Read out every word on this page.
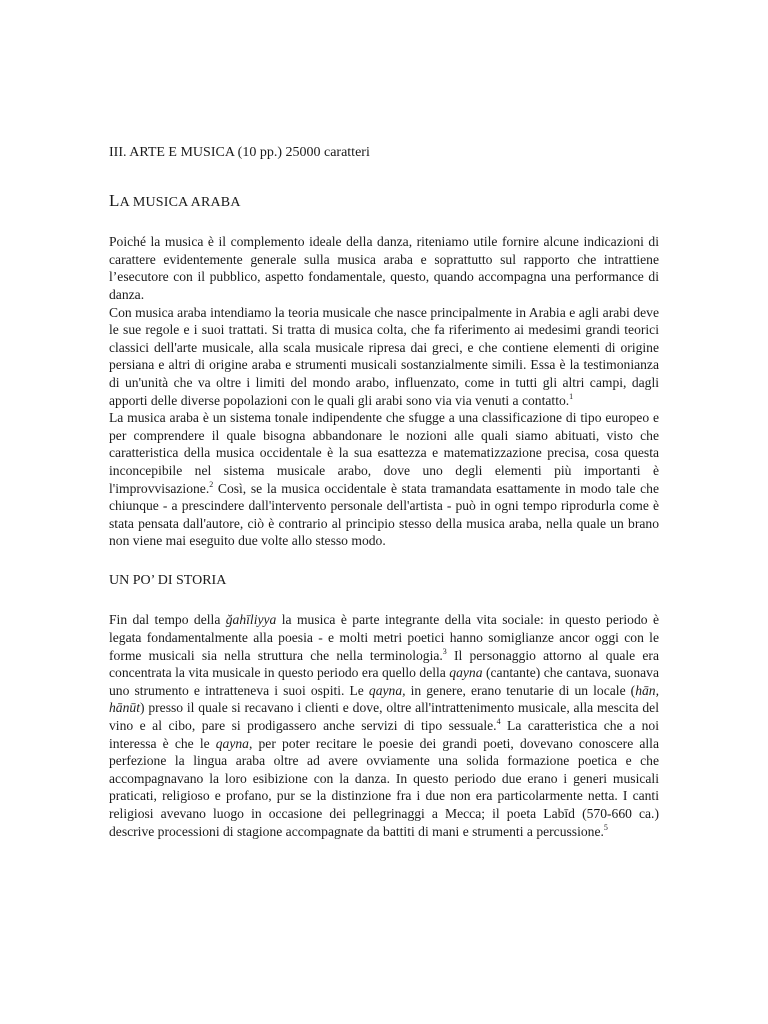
III. ARTE E MUSICA (10 pp.) 25000 caratteri
LA MUSICA ARABA

Poiché la musica è il complemento ideale della danza, riteniamo utile fornire alcune indicazioni di carattere evidentemente generale sulla musica araba e soprattutto sul rapporto che intrattiene l’esecutore con il pubblico, aspetto fondamentale, questo, quando accompagna una performance di danza.

Con musica araba intendiamo la teoria musicale che nasce principalmente in Arabia e agli arabi deve le sue regole e i suoi trattati. Si tratta di musica colta, che fa riferimento ai medesimi grandi teorici classici dell'arte musicale, alla scala musicale ripresa dai greci, e che contiene elementi di origine persiana e altri di origine araba e strumenti musicali sostanzialmente simili. Essa è la testimonianza di un'unità che va oltre i limiti del mondo arabo, influenzato, come in tutti gli altri campi, dagli apporti delle diverse popolazioni con le quali gli arabi sono via via venuti a contatto.$^1$

La musica araba è un sistema tonale indipendente che sfugge a una classificazione di tipo europeo e per comprendere il quale bisogna abbandonare le nozioni alle quali siamo abituati, visto che caratteristica della musica occidentale è la sua esattezza e matematizzazione precisa, cosa questa inconcepibile nel sistema musicale arabo, dove uno degli elementi più importanti è l'improvvisazione.$^2$ Così, se la musica occidentale è stata tramandata esattamente in modo tale che chiunque - a prescindere dall'intervento personale dell'artista - può in ogni tempo riprodurla come è stata pensata dall'autore, ciò è contrario al principio stesso della musica araba, nella quale un brano non viene mai eseguito due volte allo stesso modo.

UN PO’ DI STORIA

Fin dal tempo della ğahīliyya la musica è parte integrante della vita sociale: in questo periodo è legata fondamentalmente alla poesia - e molti metri poetici hanno somiglianze ancor oggi con le forme musicali sia nella struttura che nella terminologia.$^3$ Il personaggio attorno al quale era concentrata la vita musicale in questo periodo era quello della qayna (cantante) che cantava, suonava uno strumento e intratteneva i suoi ospiti. Le qayna, in genere, erano tenutarie di un locale (hān, hānūt) presso il quale si recavano i clienti e dove, oltre all'intrattenimento musicale, alla mescita del vino e al cibo, pare si prodigassero anche servizi di tipo sessuale.$^4$ La caratteristica che a noi interessa è che le qayna, per poter recitare le poesie dei grandi poeti, dovevano conoscere alla perfezione la lingua araba oltre ad avere ovviamente una solida formazione poetica e che accompagnavano la loro esibizione con la danza. In questo periodo due erano i generi musicali praticati, religioso e profano, pur se la distinzione fra i due non era particolarmente netta. I canti religiosi avevano luogo in occasione dei pellegrinaggi a Mecca; il poeta Labīd (570-660 ca.) descrive processioni di stagione accompagnate da battiti di mani e strumenti a percussione.$^5$
